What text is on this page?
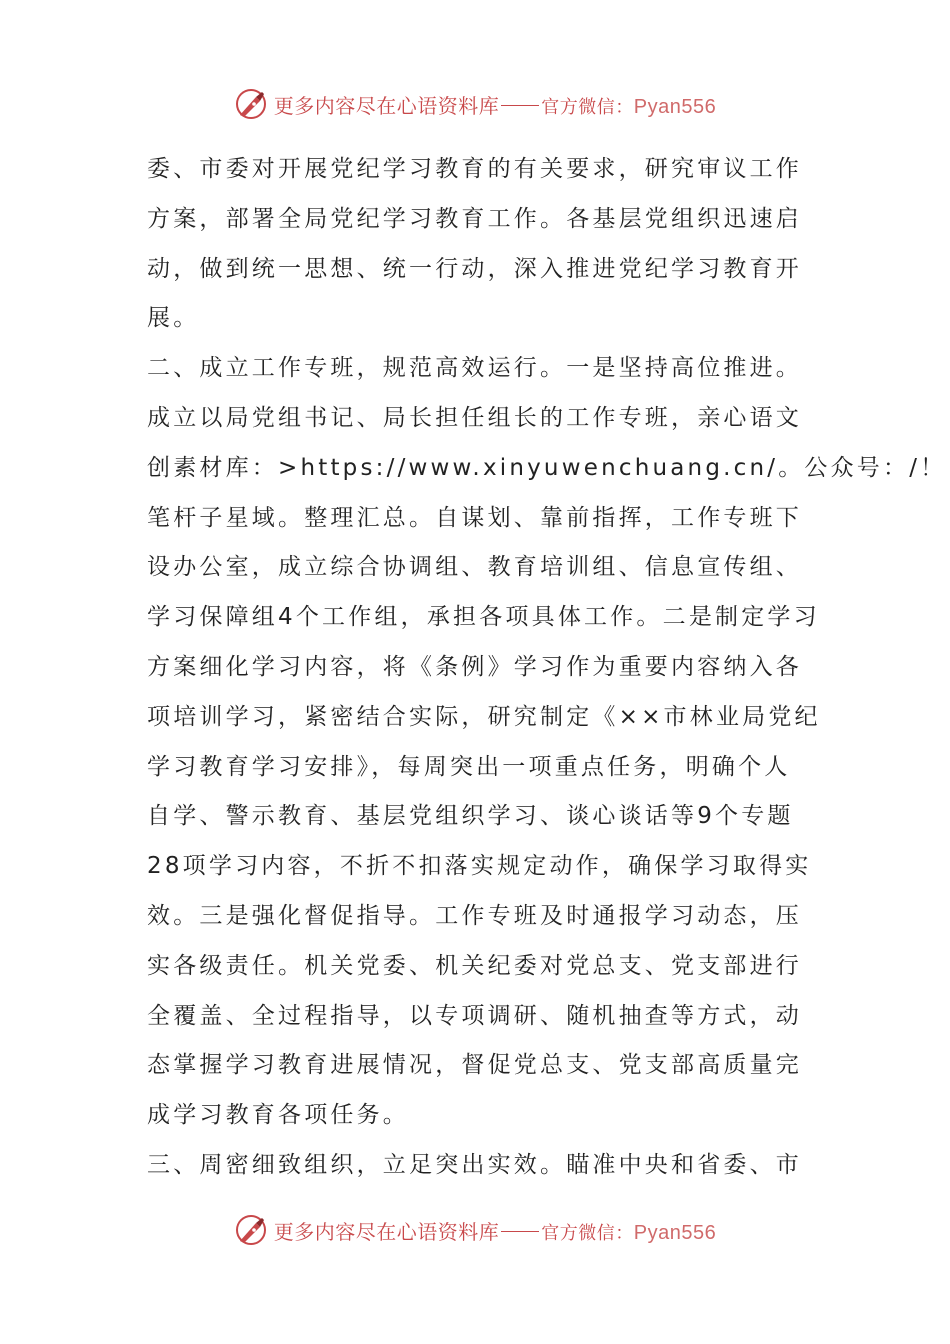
更多内容尽在心语资料库 官方微信：Pyan556
委、市委对开展党纪学习教育的有关要求，研究审议工作
方案，部署全局党纪学习教育工作。各基层党组织迅速启
动，做到统一思想、统一行动，深入推进党纪学习教育开
展。
二、成立工作专班，规范高效运行。一是坚持高位推进。
成立以局党组书记、局长担任组长的工作专班，亲心语文
创素材库：>https://www.xinyuwenchuang.cn/。公众号：/！
笔杆子星域。整理汇总。自谋划、靠前指挥，工作专班下
设办公室，成立综合协调组、教育培训组、信息宣传组、
学习保障组4个工作组，承担各项具体工作。二是制定学习
方案细化学习内容，将《条例》学习作为重要内容纳入各
项培训学习，紧密结合实际，研究制定《××市林业局党纪
学习教育学习安排》，每周突出一项重点任务，明确个人
自学、警示教育、基层党组织学习、谈心谈话等9个专题
28项学习内容，不折不扣落实规定动作，确保学习取得实
效。三是强化督促指导。工作专班及时通报学习动态，压
实各级责任。机关党委、机关纪委对党总支、党支部进行
全覆盖、全过程指导，以专项调研、随机抽查等方式，动
态掌握学习教育进展情况，督促党总支、党支部高质量完
成学习教育各项任务。
三、周密细致组织，立足突出实效。瞄准中央和省委、市
更多内容尽在心语资料库 官方微信：Pyan556
